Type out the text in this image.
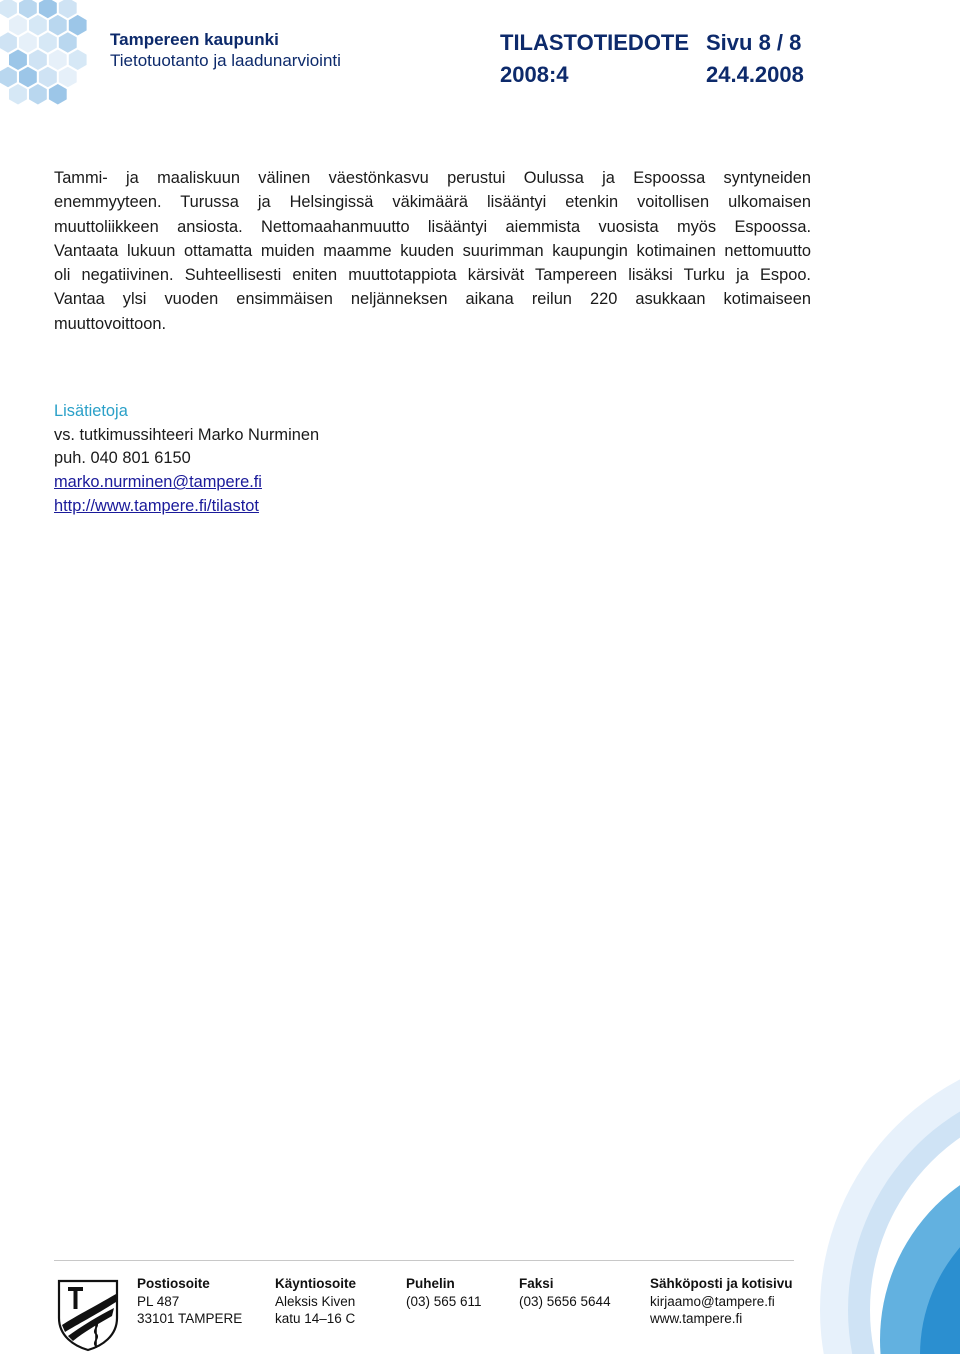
Tampereen kaupunki
Tietotuotanto ja laadunarviointi
TILASTOTIEDOTE Sivu 8 / 8
2008:4	24.4.2008
Tammi- ja maaliskuun välinen väestönkasvu perustui Oulussa ja Espoossa syntyneiden
enemmyyteen. Turussa ja Helsingissä väkimäärä lisääntyi etenkin voitollisen ulkomaisen
muuttoliikkeen ansiosta. Nettomaahanmuutto lisääntyi aiemmista vuosista myös Espoossa.
Vantaata lukuun ottamatta muiden maamme kuuden suurimman kaupungin kotimainen nettomuutto
oli negatiivinen. Suhteellisesti eniten muuttotappiota kärsivät Tampereen lisäksi Turku ja Espoo.
Vantaa ylsi vuoden ensimmäisen neljänneksen aikana reilun 220 asukkaan kotimaiseen
muuttovoittoon.
Lisätietoja
vs. tutkimussihteeri Marko Nurminen
puh. 040 801 6150
marko.nurminen@tampere.fi
http://www.tampere.fi/tilastot
Postiosoite
PL 487
33101 TAMPERE
Käyntiosoite
Aleksis Kiven
katu 14–16 C
Puhelin
(03) 565 611
Faksi
(03) 5656 5644
Sähköposti ja kotisivu
kirjaamo@tampere.fi
www.tampere.fi
